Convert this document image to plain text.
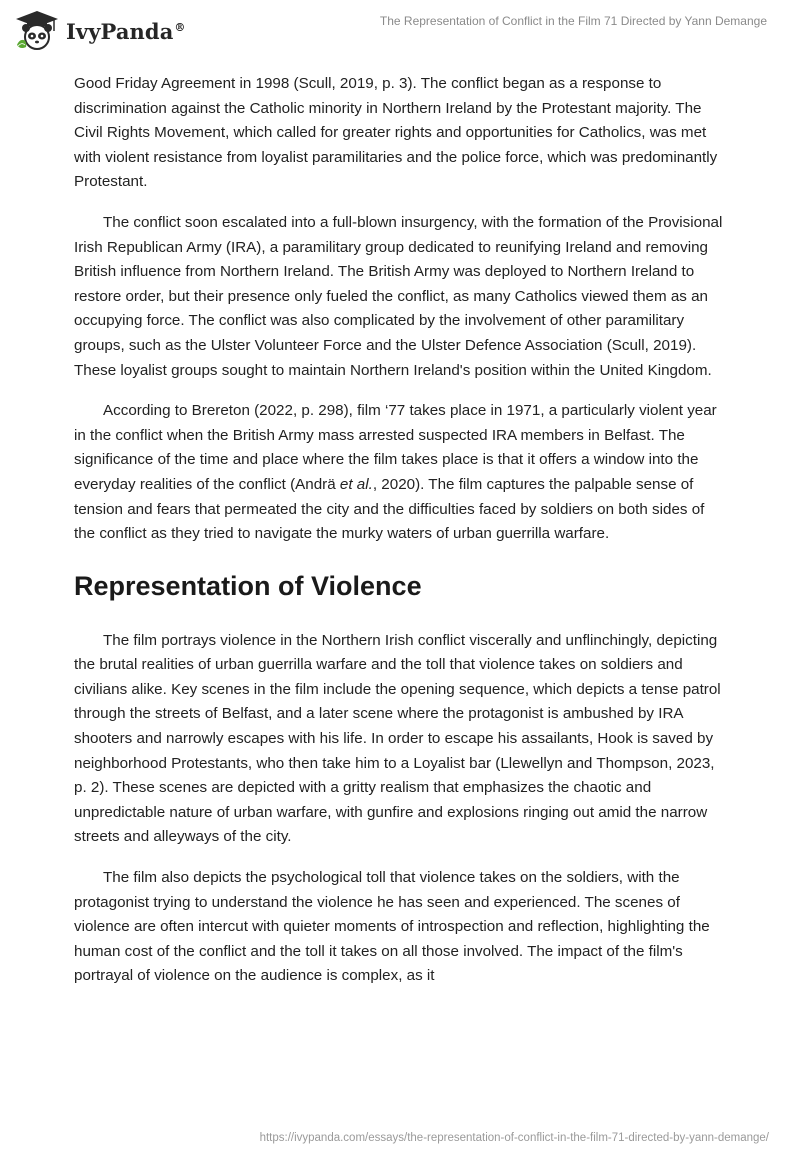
IvyPanda®	The Representation of Conflict in the Film 71 Directed by Yann Demange

Good Friday Agreement in 1998 (Scull, 2019, p. 3). The conflict began as a response to discrimination against the Catholic minority in Northern Ireland by the Protestant majority. The Civil Rights Movement, which called for greater rights and opportunities for Catholics, was met with violent resistance from loyalist paramilitaries and the police force, which was predominantly Protestant.

The conflict soon escalated into a full-blown insurgency, with the formation of the Provisional Irish Republican Army (IRA), a paramilitary group dedicated to reunifying Ireland and removing British influence from Northern Ireland. The British Army was deployed to Northern Ireland to restore order, but their presence only fueled the conflict, as many Catholics viewed them as an occupying force. The conflict was also complicated by the involvement of other paramilitary groups, such as the Ulster Volunteer Force and the Ulster Defence Association (Scull, 2019). These loyalist groups sought to maintain Northern Ireland's position within the United Kingdom.

According to Brereton (2022, p. 298), film ‘77 takes place in 1971, a particularly violent year in the conflict when the British Army mass arrested suspected IRA members in Belfast. The significance of the time and place where the film takes place is that it offers a window into the everyday realities of the conflict (Andrä et al., 2020). The film captures the palpable sense of tension and fears that permeated the city and the difficulties faced by soldiers on both sides of the conflict as they tried to navigate the murky waters of urban guerrilla warfare.

Representation of Violence

The film portrays violence in the Northern Irish conflict viscerally and unflinchingly, depicting the brutal realities of urban guerrilla warfare and the toll that violence takes on soldiers and civilians alike. Key scenes in the film include the opening sequence, which depicts a tense patrol through the streets of Belfast, and a later scene where the protagonist is ambushed by IRA shooters and narrowly escapes with his life. In order to escape his assailants, Hook is saved by neighborhood Protestants, who then take him to a Loyalist bar (Llewellyn and Thompson, 2023, p. 2). These scenes are depicted with a gritty realism that emphasizes the chaotic and unpredictable nature of urban warfare, with gunfire and explosions ringing out amid the narrow streets and alleyways of the city.

The film also depicts the psychological toll that violence takes on the soldiers, with the protagonist trying to understand the violence he has seen and experienced. The scenes of violence are often intercut with quieter moments of introspection and reflection, highlighting the human cost of the conflict and the toll it takes on all those involved. The impact of the film's portrayal of violence on the audience is complex, as it

https://ivypanda.com/essays/the-representation-of-conflict-in-the-film-71-directed-by-yann-demange/
